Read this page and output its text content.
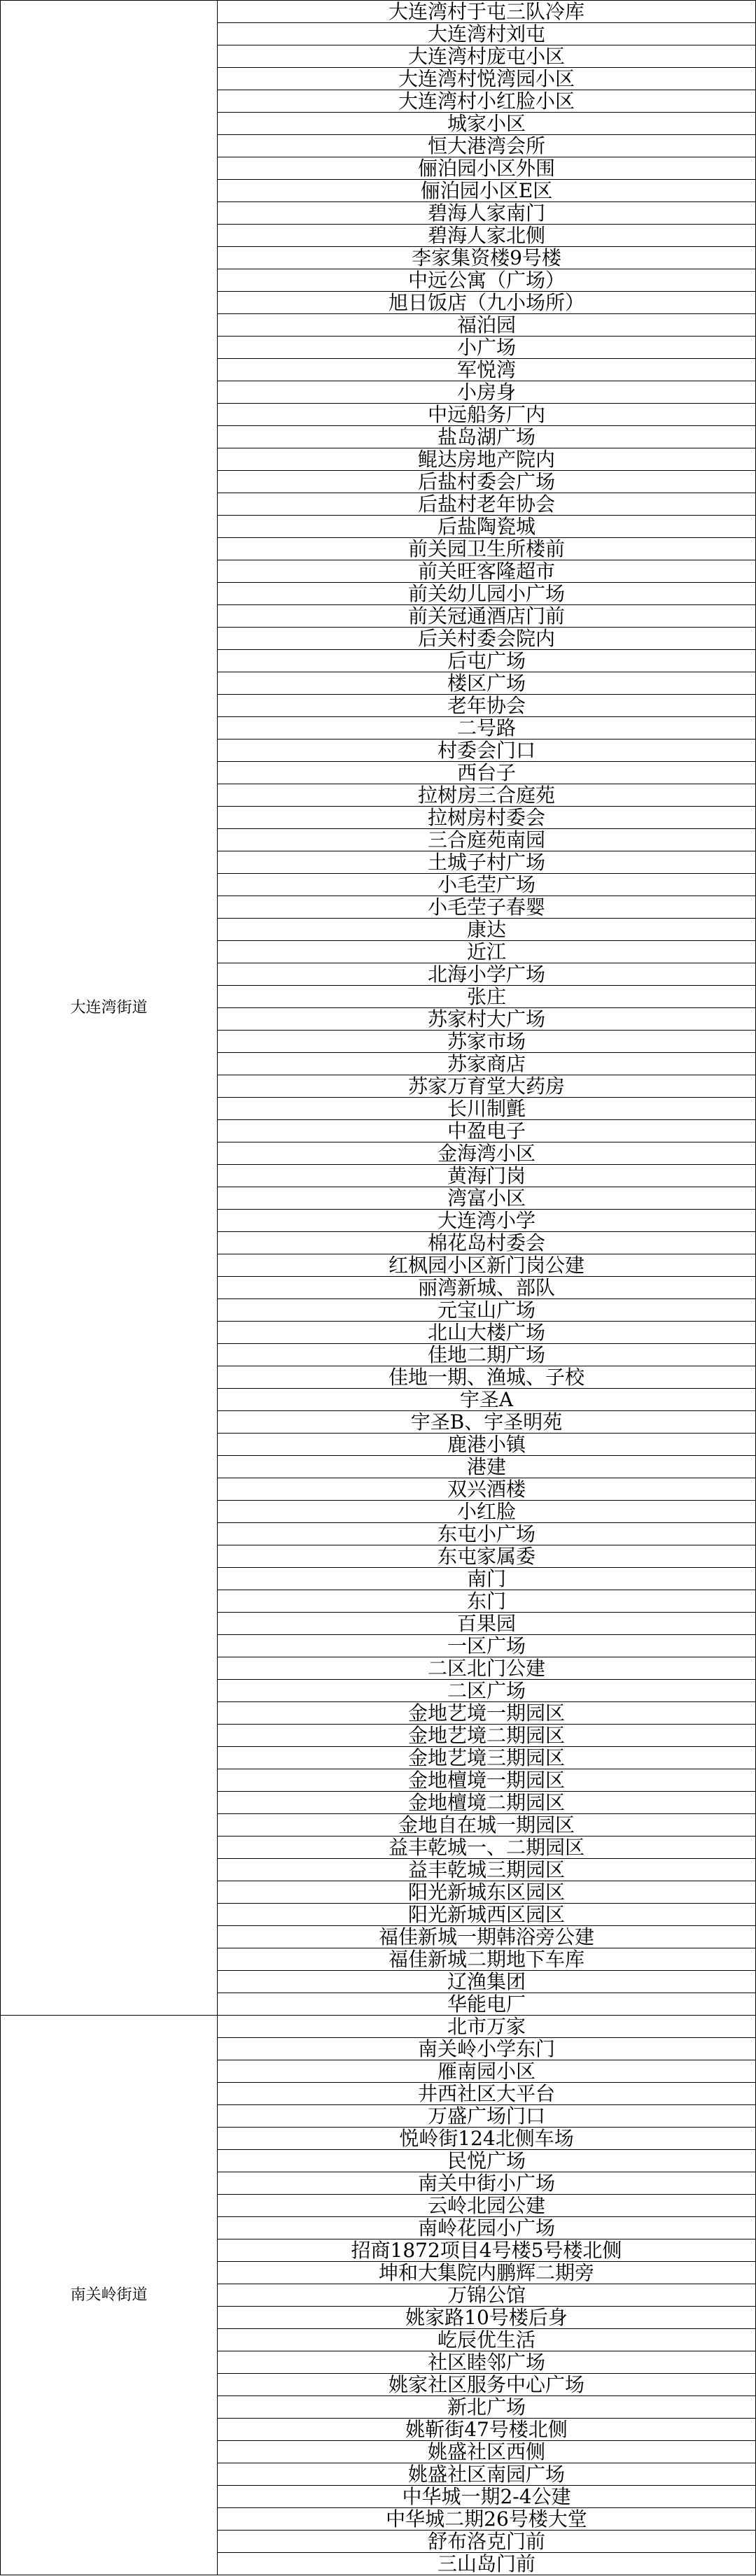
大连湾街道	大连湾村于屯三队冷库
	大连湾村刘屯
	大连湾村庞屯小区
	大连湾村悦湾园小区
	大连湾村小红脸小区
	城家小区
	恒大港湾会所
	俪泊园小区外围
	俪泊园小区E区
	碧海人家南门
	碧海人家北侧
	李家集资楼9号楼
	中远公寓（广场）
	旭日饭店（九小场所）
	福泊园
	小广场
	军悦湾
	小房身
	中远船务厂内
	盐岛湖广场
	鲲达房地产院内
	后盐村委会广场
	后盐村老年协会
	后盐陶瓷城
	前关园卫生所楼前
	前关旺客隆超市
	前关幼儿园小广场
	前关冠通酒店门前
	后关村委会院内
	后屯广场
	楼区广场
	老年协会
	二号路
	村委会门口
	西台子
	拉树房三合庭苑
	拉树房村委会
	三合庭苑南园
	土城子村广场
	小毛茔广场
	小毛茔子春婴
	康达
	近江
	北海小学广场
	张庄
	苏家村大广场
	苏家市场
	苏家商店
	苏家万育堂大药房
	长川制氈
	中盈电子
	金海湾小区
	黄海门岗
	湾富小区
	大连湾小学
	棉花岛村委会
	红枫园小区新门岗公建
	丽湾新城、部队
	元宝山广场
	北山大楼广场
	佳地二期广场
	佳地一期、渔城、子校
	宇圣A
	宇圣B、宇圣明苑
	鹿港小镇
	港建
	双兴酒楼
	小红脸
	东屯小广场
	东屯家属委
	南门
	东门
	百果园
	一区广场
	二区北门公建
	二区广场
	金地艺境一期园区
	金地艺境二期园区
	金地艺境三期园区
	金地檀境一期园区
	金地檀境二期园区
	金地自在城一期园区
	益丰乾城一、二期园区
	益丰乾城三期园区
	阳光新城东区园区
	阳光新城西区园区
	福佳新城一期韩浴旁公建
	福佳新城二期地下车库
	辽渔集团
	华能电厂
南关岭街道	北市万家
	南关岭小学东门
	雁南园小区
	井西社区大平台
	万盛广场门口
	悦岭街124北侧车场
	民悦广场
	南关中街小广场
	云岭北园公建
	南岭花园小广场
	招商1872项目4号楼5号楼北侧
	坤和大集院内鹏辉二期旁
	万锦公馆
	姚家路10号楼后身
	屹辰优生活
	社区睦邻广场
	姚家社区服务中心广场
	新北广场
	姚靳街47号楼北侧
	姚盛社区西侧
	姚盛社区南园广场
	中华城一期2-4公建
	中华城二期26号楼大堂
	舒布洛克门前
	三山岛门前
